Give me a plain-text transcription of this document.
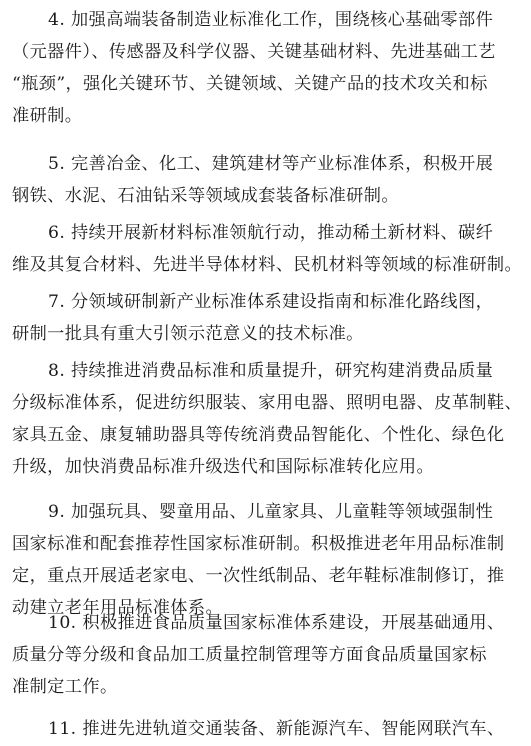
4. 加强高端装备制造业标准化工作，围绕核心基础零部件
（元器件）、传感器及科学仪器、关键基础材料、先进基础工艺
“瓶颈”，强化关键环节、关键领域、关键产品的技术攻关和标
准研制。
5. 完善冶金、化工、建筑建材等产业标准体系，积极开展
钢铁、水泥、石油钻采等领域成套装备标准研制。
6. 持续开展新材料标准领航行动，推动稀土新材料、碳纤
维及其复合材料、先进半导体材料、民机材料等领域的标准研制。
7. 分领域研制新产业标准体系建设指南和标准化路线图，
研制一批具有重大引领示范意义的技术标准。
8. 持续推进消费品标准和质量提升，研究构建消费品质量
分级标准体系，促进纺织服装、家用电器、照明电器、皮革制鞋、
家具五金、康复辅助器具等传统消费品智能化、个性化、绿色化
升级，加快消费品标准升级迭代和国际标准转化应用。
9. 加强玩具、婴童用品、儿童家具、儿童鞋等领域强制性
国家标准和配套推荐性国家标准研制。积极推进老年用品标准制
定，重点开展适老家电、一次性纸制品、老年鞋标准制修订，推
动建立老年用品标准体系。
10. 积极推进食品质量国家标准体系建设，开展基础通用、
质量分等分级和食品加工质量控制管理等方面食品质量国家标
准制定工作。
11. 推进先进轨道交通装备、新能源汽车、智能网联汽车、
